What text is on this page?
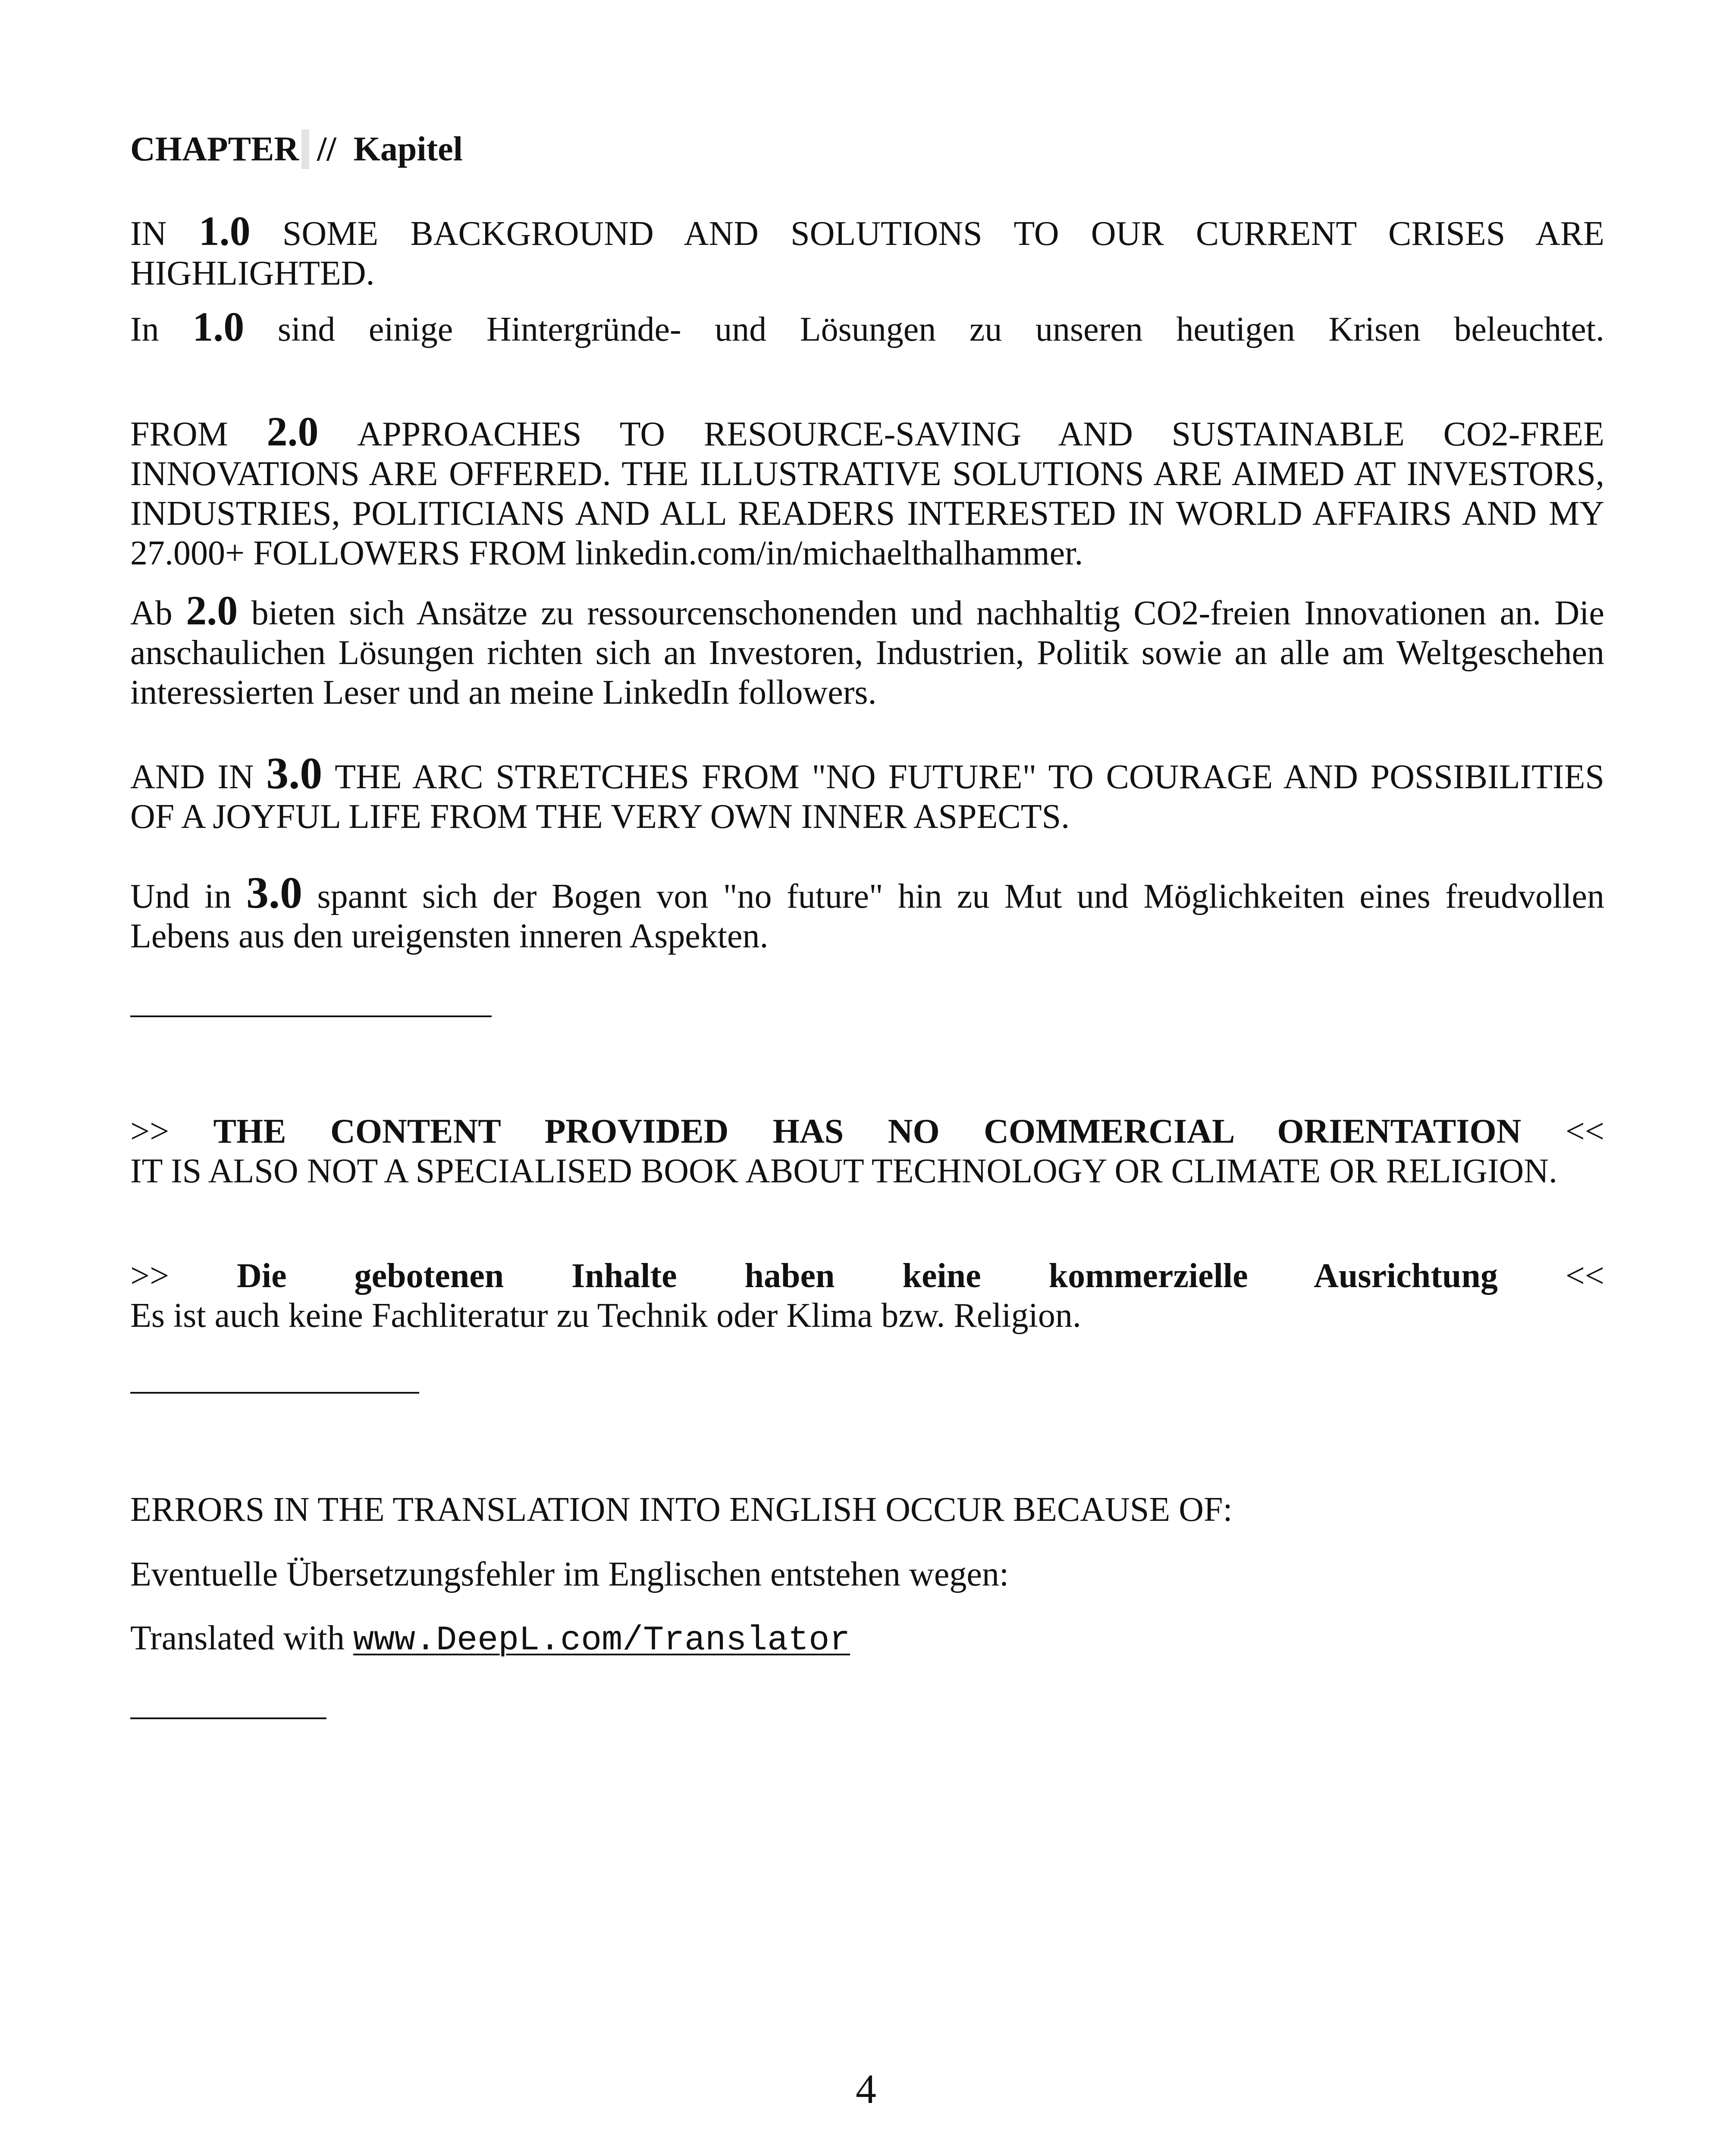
CHAPTER // Kapitel

IN 1.0 SOME BACKGROUND AND SOLUTIONS TO OUR CURRENT CRISES ARE HIGHLIGHTED.

In 1.0 sind einige Hintergründe- und Lösungen zu unseren heutigen Krisen beleuchtet.

FROM 2.0 APPROACHES TO RESOURCE-SAVING AND SUSTAINABLE CO2-FREE INNOVATIONS ARE OFFERED. THE ILLUSTRATIVE SOLUTIONS ARE AIMED AT INVESTORS, INDUSTRIES, POLITICIANS AND ALL READERS INTERESTED IN WORLD AFFAIRS AND MY 27.000+ FOLLOWERS FROM linkedin.com/in/michaelthalhammer.

Ab 2.0 bieten sich Ansätze zu ressourcenschonenden und nachhaltig CO2-freien Innovationen an. Die anschaulichen Lösungen richten sich an Investoren, Industrien, Politik sowie an alle am Weltgeschehen interessierten Leser und an meine LinkedIn followers.

AND IN 3.0 THE ARC STRETCHES FROM "NO FUTURE" TO COURAGE AND POSSIBILITIES OF A JOYFUL LIFE FROM THE VERY OWN INNER ASPECTS.

Und in 3.0 spannt sich der Bogen von "no future" hin zu Mut und Möglichkeiten eines freudvollen Lebens aus den ureigensten inneren Aspekten.

>> THE CONTENT PROVIDED HAS NO COMMERCIAL ORIENTATION <<
IT IS ALSO NOT A SPECIALISED BOOK ABOUT TECHNOLOGY OR CLIMATE OR RELIGION.
>> Die gebotenen Inhalte haben keine kommerzielle Ausrichtung <<
Es ist auch keine Fachliteratur zu Technik oder Klima bzw. Religion.

ERRORS IN THE TRANSLATION INTO ENGLISH OCCUR BECAUSE OF:

Eventuelle Übersetzungsfehler im Englischen entstehen wegen:

Translated with www.DeepL.com/Translator

4
